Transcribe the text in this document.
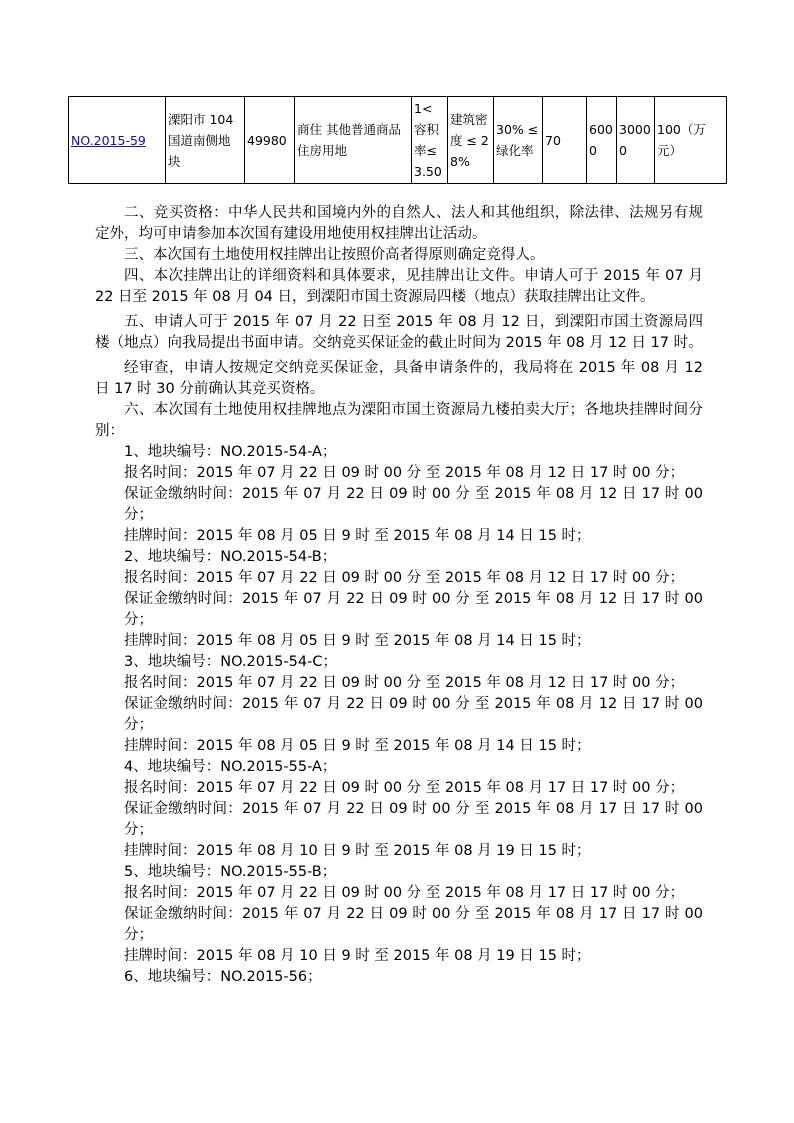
NO.2015-59	溧阳市 104 国道南侧地块	49980	商住 其他普通商品住房用地	1< 容积率≤ 3.50	建筑密度 ≤ 28%	30% ≤ 绿化率	70	6000	30000	100（万元）

二、竞买资格：中华人民共和国境内外的自然人、法人和其他组织，除法律、法规另有规定外，均可申请参加本次国有建设用地使用权挂牌出让活动。

三、本次国有土地使用权挂牌出让按照价高者得原则确定竞得人。

四、本次挂牌出让的详细资料和具体要求，见挂牌出让文件。申请人可于 2015 年 07 月 22 日至 2015 年 08 月 04 日，到溧阳市国土资源局四楼（地点）获取挂牌出让文件。

五、申请人可于 2015 年 07 月 22 日至 2015 年 08 月 12 日，到溧阳市国土资源局四楼（地点）向我局提出书面申请。交纳竞买保证金的截止时间为 2015 年 08 月 12 日 17 时。

经审查，申请人按规定交纳竞买保证金，具备申请条件的，我局将在 2015 年 08 月 12 日 17 时 30 分前确认其竞买资格。

六、本次国有土地使用权挂牌地点为溧阳市国土资源局九楼拍卖大厅；各地块挂牌时间分别：

1、地块编号：NO.2015-54-A；

报名时间：2015 年 07 月 22 日 09 时 00 分 至 2015 年 08 月 12 日 17 时 00 分；

保证金缴纳时间：2015 年 07 月 22 日 09 时 00 分 至 2015 年 08 月 12 日 17 时 00 分；

挂牌时间：2015 年 08 月 05 日 9 时 至 2015 年 08 月 14 日 15 时；

2、地块编号：NO.2015-54-B；

报名时间：2015 年 07 月 22 日 09 时 00 分 至 2015 年 08 月 12 日 17 时 00 分；

保证金缴纳时间：2015 年 07 月 22 日 09 时 00 分 至 2015 年 08 月 12 日 17 时 00 分；

挂牌时间：2015 年 08 月 05 日 9 时 至 2015 年 08 月 14 日 15 时；

3、地块编号：NO.2015-54-C；

报名时间：2015 年 07 月 22 日 09 时 00 分 至 2015 年 08 月 12 日 17 时 00 分；

保证金缴纳时间：2015 年 07 月 22 日 09 时 00 分 至 2015 年 08 月 12 日 17 时 00 分；

挂牌时间：2015 年 08 月 05 日 9 时 至 2015 年 08 月 14 日 15 时；

4、地块编号：NO.2015-55-A；

报名时间：2015 年 07 月 22 日 09 时 00 分 至 2015 年 08 月 17 日 17 时 00 分；

保证金缴纳时间：2015 年 07 月 22 日 09 时 00 分 至 2015 年 08 月 17 日 17 时 00 分；

挂牌时间：2015 年 08 月 10 日 9 时 至 2015 年 08 月 19 日 15 时；

5、地块编号：NO.2015-55-B；

报名时间：2015 年 07 月 22 日 09 时 00 分 至 2015 年 08 月 17 日 17 时 00 分；

保证金缴纳时间：2015 年 07 月 22 日 09 时 00 分 至 2015 年 08 月 17 日 17 时 00 分；

挂牌时间：2015 年 08 月 10 日 9 时 至 2015 年 08 月 19 日 15 时；

6、地块编号：NO.2015-56；
